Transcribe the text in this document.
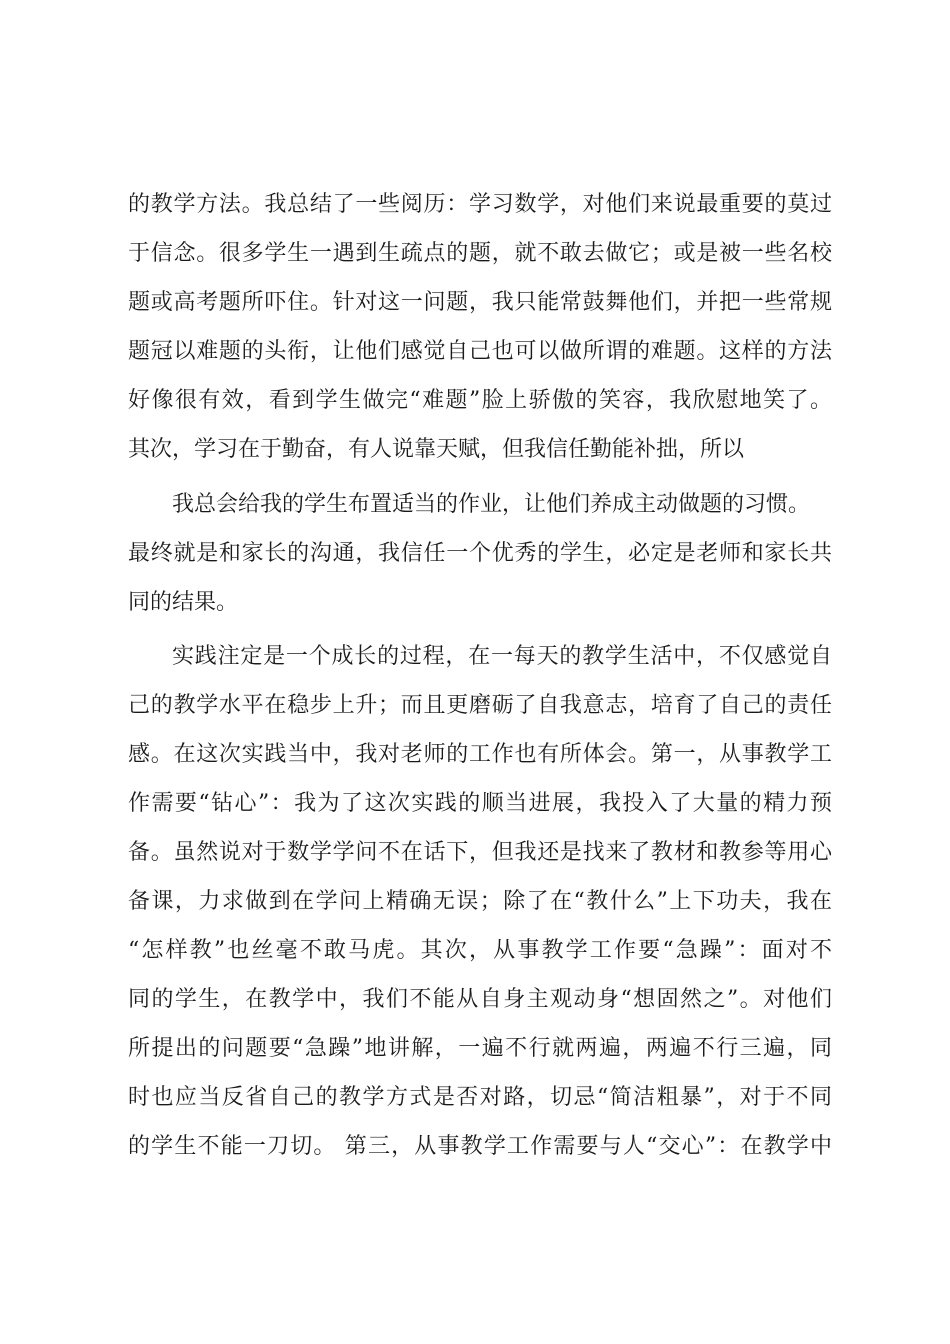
的教学方法。我总结了一些阅历：学习数学，对他们来说最重要的莫过
于信念。很多学生一遇到生疏点的题，就不敢去做它；或是被一些名校
题或高考题所吓住。针对这一问题，我只能常鼓舞他们，并把一些常规
题冠以难题的头衔，让他们感觉自己也可以做所谓的难题。这样的方法
好像很有效，看到学生做完“难题”脸上骄傲的笑容，我欣慰地笑了。
其次，学习在于勤奋，有人说靠天赋，但我信任勤能补拙，所以
我总会给我的学生布置适当的作业，让他们养成主动做题的习惯。
最终就是和家长的沟通，我信任一个优秀的学生，必定是老师和家长共
同的结果。
实践注定是一个成长的过程，在一每天的教学生活中，不仅感觉自
己的教学水平在稳步上升；而且更磨砺了自我意志，培育了自己的责任
感。在这次实践当中，我对老师的工作也有所体会。第一，从事教学工
作需要“钻心”：我为了这次实践的顺当进展，我投入了大量的精力预
备。虽然说对于数学学问不在话下，但我还是找来了教材和教参等用心
备课，力求做到在学问上精确无误；除了在“教什么”上下功夫，我在
“怎样教”也丝毫不敢马虎。其次，从事教学工作要“急躁”：面对不
同的学生，在教学中，我们不能从自身主观动身“想固然之”。对他们
所提出的问题要“急躁”地讲解，一遍不行就两遍，两遍不行三遍，同
时也应当反省自己的教学方式是否对路，切忌“简洁粗暴”，对于不同
的学生不能一刀切。 第三，从事教学工作需要与人“交心”：在教学中
